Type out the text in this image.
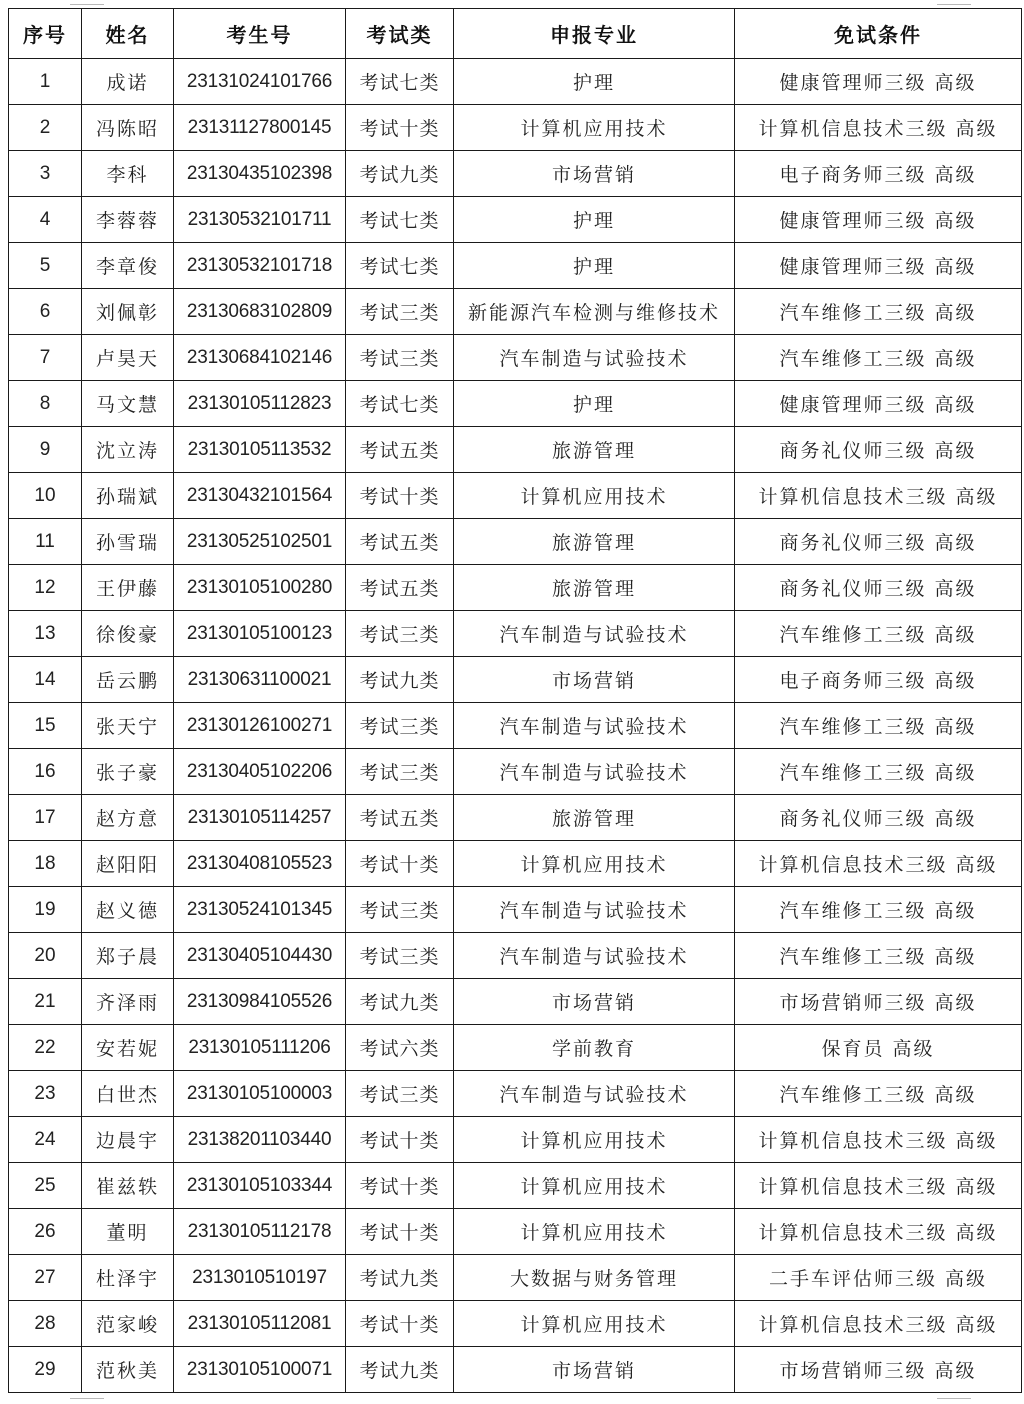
序号	姓名	考生号	考试类	申报专业	免试条件
1	成诺	23131024101766	考试七类	护理	健康管理师三级 高级
2	冯陈昭	23131127800145	考试十类	计算机应用技术	计算机信息技术三级 高级
3	李科	23130435102398	考试九类	市场营销	电子商务师三级 高级
4	李蓉蓉	23130532101711	考试七类	护理	健康管理师三级 高级
5	李章俊	23130532101718	考试七类	护理	健康管理师三级 高级
6	刘佩彰	23130683102809	考试三类	新能源汽车检测与维修技术	汽车维修工三级 高级
7	卢昊天	23130684102146	考试三类	汽车制造与试验技术	汽车维修工三级 高级
8	马文慧	23130105112823	考试七类	护理	健康管理师三级 高级
9	沈立涛	23130105113532	考试五类	旅游管理	商务礼仪师三级 高级
10	孙瑞斌	23130432101564	考试十类	计算机应用技术	计算机信息技术三级 高级
11	孙雪瑞	23130525102501	考试五类	旅游管理	商务礼仪师三级 高级
12	王伊藤	23130105100280	考试五类	旅游管理	商务礼仪师三级 高级
13	徐俊豪	23130105100123	考试三类	汽车制造与试验技术	汽车维修工三级 高级
14	岳云鹏	23130631100021	考试九类	市场营销	电子商务师三级 高级
15	张天宁	23130126100271	考试三类	汽车制造与试验技术	汽车维修工三级 高级
16	张子豪	23130405102206	考试三类	汽车制造与试验技术	汽车维修工三级 高级
17	赵方意	23130105114257	考试五类	旅游管理	商务礼仪师三级 高级
18	赵阳阳	23130408105523	考试十类	计算机应用技术	计算机信息技术三级 高级
19	赵义德	23130524101345	考试三类	汽车制造与试验技术	汽车维修工三级 高级
20	郑子晨	23130405104430	考试三类	汽车制造与试验技术	汽车维修工三级 高级
21	齐泽雨	23130984105526	考试九类	市场营销	市场营销师三级 高级
22	安若妮	23130105111206	考试六类	学前教育	保育员 高级
23	白世杰	23130105100003	考试三类	汽车制造与试验技术	汽车维修工三级 高级
24	边晨宇	23138201103440	考试十类	计算机应用技术	计算机信息技术三级 高级
25	崔兹轶	23130105103344	考试十类	计算机应用技术	计算机信息技术三级 高级
26	董明	23130105112178	考试十类	计算机应用技术	计算机信息技术三级 高级
27	杜泽宇	2313010510197	考试九类	大数据与财务管理	二手车评估师三级 高级
28	范家峻	23130105112081	考试十类	计算机应用技术	计算机信息技术三级 高级
29	范秋美	23130105100071	考试九类	市场营销	市场营销师三级 高级
